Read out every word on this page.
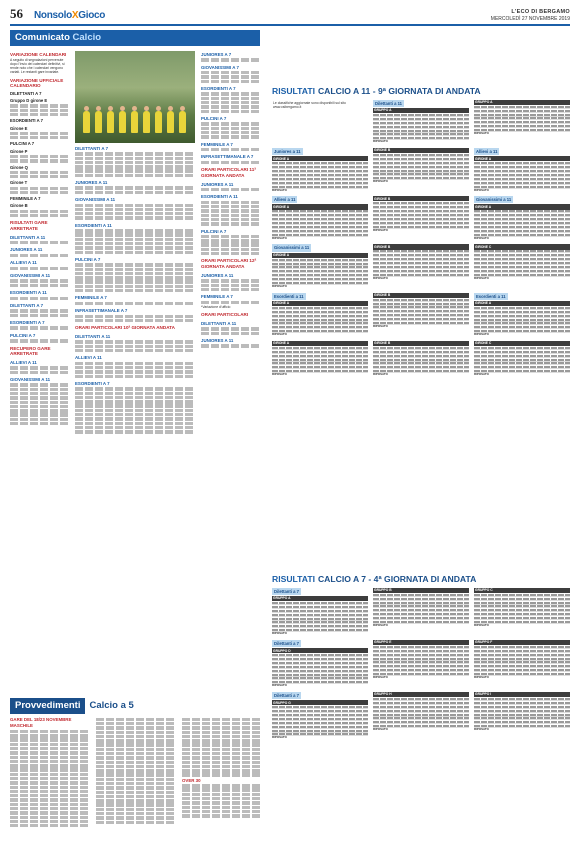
56	NonsoloXGioco	L'ECO DI BERGAMO
MERCOLEDÌ 27 NOVEMBRE 2019
Comunicato Calcio
VARIAZIONE CALENDARI

A seguito di segnalazioni pervenute dopo l'invio dei calendari definitivi, si rende noto che i calendari vengono variati. Le restanti gare invariate.

VARIAZIONE UFFICIALE CALENDARIO
DILETTANTI A 7
Gruppo D girone E
ESORDIENTI A 7
Girone E
PULCINI A 7
Girone P
Girone Q
Girone T
FEMMINILE A 7
Girone B
RISULTATI GARE ARRETRATE
DILETTANTI A 11
JUNIORES A 11
ALLIEVI A 11
GIOVANISSIMI A 11
ESORDIENTI A 11
DILETTANTI A 7
ESORDIENTI A 7
PULCINI A 7
RECUPERO GARE ARRETRATE
ALLIEVI A 11
GIOVANISSIMI A 11
DILETTANTI A 7
JUNIORES A 11
GIOVANISSIMI A 11
ESORDIENTI A 11
PULCINI A 7
FEMMINILE A 7
INFRASETTIMANALE A 7
ORARI PARTICOLARI 10ª GIORNATA ANDATA
DILETTANTI A 11
ALLIEVI A 11
ESORDIENTI A 7
JUNIORES A 7
GIOVANISSIMI A 7
ESORDIENTI A 7
PULCINI A 7
FEMMINILE A 7
INFRASETTIMANALE A 7
ORARI PARTICOLARI 11ª GIORNATA ANDATA
JUNIORES A 11
ESORDIENTI A 11
PULCINI A 7
ORARI PARTICOLARI 12ª GIORNATA ANDATA
JUNIORES A 11
FEMMINILE A 7

*Variazione d'ufficio

ORARI PARTICOLARI
DILETTANTI A 11
JUNIORES A 11
Provvedimenti Calcio a 5
GARE DEL 18/23 NOVEMBRE
MASCHILE
OVER 30
RISULTATI CALCIO A 11 - 9ª GIORNATA DI ANDATA
Le classifiche aggiornate sono disponibili sul sito www.csibergamo.it
Dilettanti a 11
GRUPPO A
RIPOSATO
GRUPPO A
RIPOSATO
Juniores a 11
GIRONE A
RIPOSATO
GIRONE B
RIPOSATO
Allievi a 11
GIRONE A
RIPOSATO
Allievi a 11
GIRONE A
RIPOSATO
GIRONE B
RIPOSATO
Giovanissimi a 11
GIRONE A
RIPOSATO
Giovanissimi a 11
GIRONE A
RIPOSATO
GIRONE B
RIPOSATO
GIRONE C
RIPOSATO
Esordienti a 11
GIRONE A
RIPOSATO
GIRONE B
RIPOSATO
Esordienti a 11
GIRONE A
RIPOSATO
GIRONE A
RIPOSATO
GIRONE B
RIPOSATO
GIRONE C
RIPOSATO
RISULTATI CALCIO A 7 - 4ª GIORNATA DI ANDATA
Dilettanti a 7
GRUPPO A
RIPOSATO
GRUPPO B
RIPOSATO
GRUPPO C
RIPOSATO
Dilettanti a 7
GRUPPO D
RIPOSATO
GRUPPO E
RIPOSATO
GRUPPO F
RIPOSATO
Dilettanti a 7
GRUPPO G
RIPOSATO
GRUPPO H
RIPOSATO
GRUPPO I
RIPOSATO
